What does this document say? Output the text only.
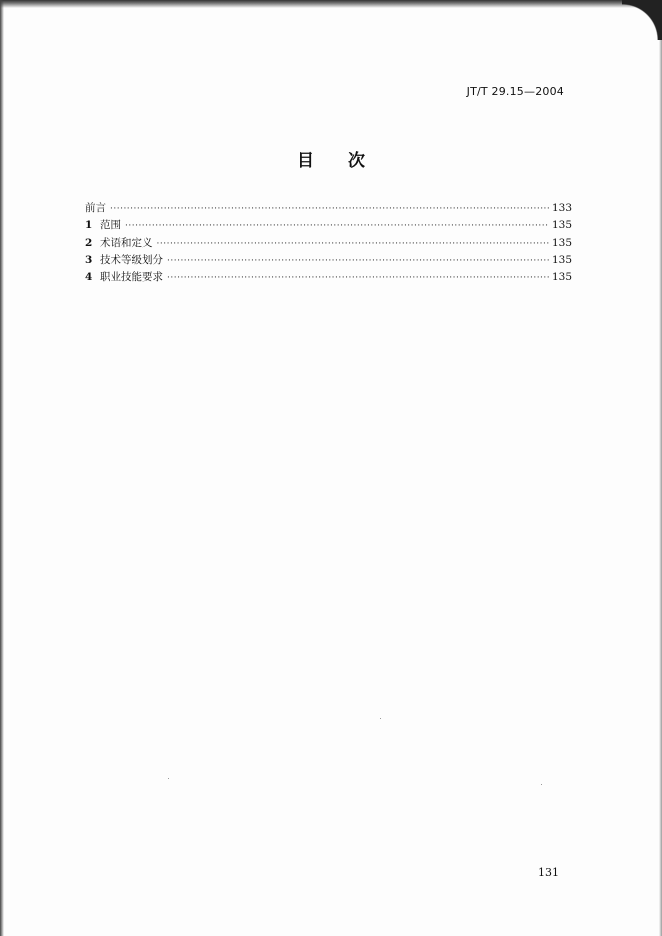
JT/T 29.15—2004
目次
前言 ·····	133
1 范围 ·····	135
2 术语和定义 ·····	135
3 技术等级划分 ·····	135
4 职业技能要求 ·····	135
131
